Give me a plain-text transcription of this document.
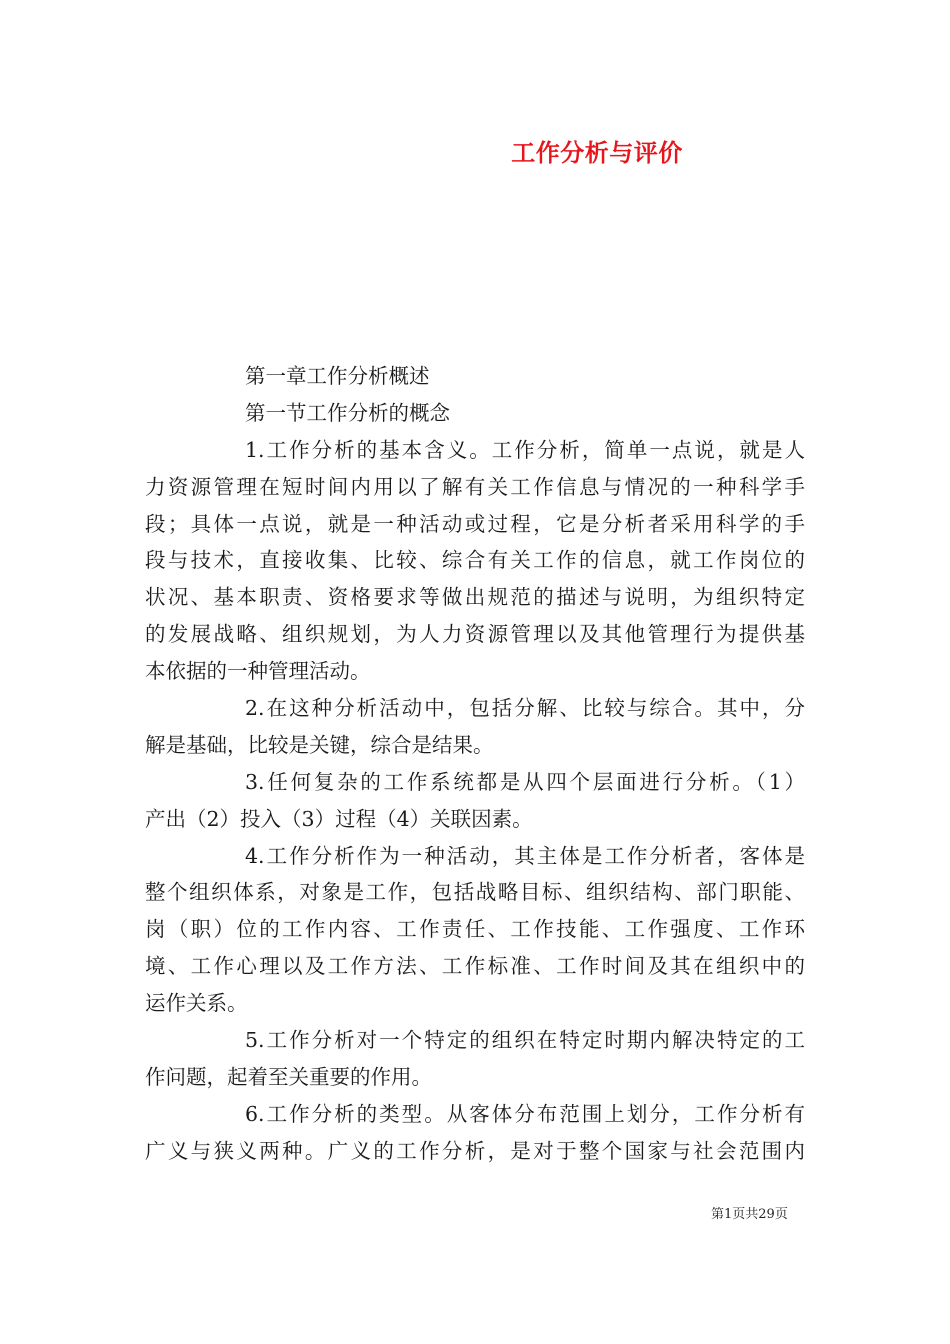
工作分析与评价
第一章工作分析概述
第一节工作分析的概念
1.工作分析的基本含义。工作分析，简单一点说，就是人
力资源管理在短时间内用以了解有关工作信息与情况的一种科学手
段；具体一点说，就是一种活动或过程，它是分析者采用科学的手
段与技术，直接收集、比较、综合有关工作的信息，就工作岗位的
状况、基本职责、资格要求等做出规范的描述与说明，为组织特定
的发展战略、组织规划，为人力资源管理以及其他管理行为提供基
本依据的一种管理活动。
2.在这种分析活动中，包括分解、比较与综合。其中，分
解是基础，比较是关键，综合是结果。
3.任何复杂的工作系统都是从四个层面进行分析。（1）
产出（2）投入（3）过程（4）关联因素。
4.工作分析作为一种活动，其主体是工作分析者，客体是
整个组织体系，对象是工作，包括战略目标、组织结构、部门职能、
岗（职）位的工作内容、工作责任、工作技能、工作强度、工作环
境、工作心理以及工作方法、工作标准、工作时间及其在组织中的
运作关系。
5.工作分析对一个特定的组织在特定时期内解决特定的工
作问题，起着至关重要的作用。
6.工作分析的类型。从客体分布范围上划分，工作分析有
广义与狭义两种。广义的工作分析，是对于整个国家与社会范围内
第1页共29页
